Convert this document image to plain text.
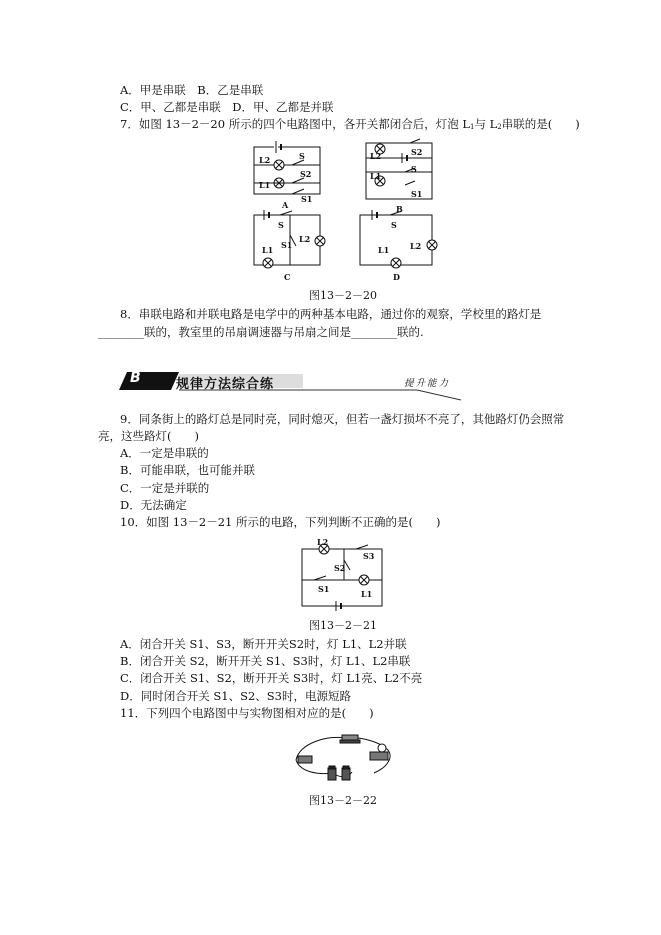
A．甲是串联　B．乙是串联
C．甲、乙都是串联　D．甲、乙都是并联
7．如图 13－2－20 所示的四个电路图中，各开关都闭合后，灯泡 $L_1$与 $L_2$串联的是(　　)
L2
L1
S
S2
S1
A
L2
L1
S2
S
S1
B
S
S1
L2
L1
C
S
L1	L2
D
图13－2－20
8．串联电路和并联电路是电学中的两种基本电路，通过你的观察，学校里的路灯是
________联的，教室里的吊扇调速器与吊扇之间是________联的.
B	规律方法综合练	提升能力
9．同条街上的路灯总是同时亮，同时熄灭，但若一盏灯损坏不亮了，其他路灯仍会照常
亮，这些路灯(　　)
A．一定是串联的
B．可能串联，也可能并联
C．一定是并联的
D．无法确定
10．如图 13－2－21 所示的电路，下列判断不正确的是(　　)
L2
S3
S2
S1	L1
图13－2－21
A．闭合开关 S1、S3，断开开关S2时，灯 L1、L2并联
B．闭合开关 S2，断开开关 S1、S3时，灯 L1、L2串联
C．闭合开关 S1、S2，断开开关 S3时，灯 L1亮、L2不亮
D．同时闭合开关 S1、S2、S3时，电源短路
11．下列四个电路图中与实物图相对应的是(　　)
图13－2－22
